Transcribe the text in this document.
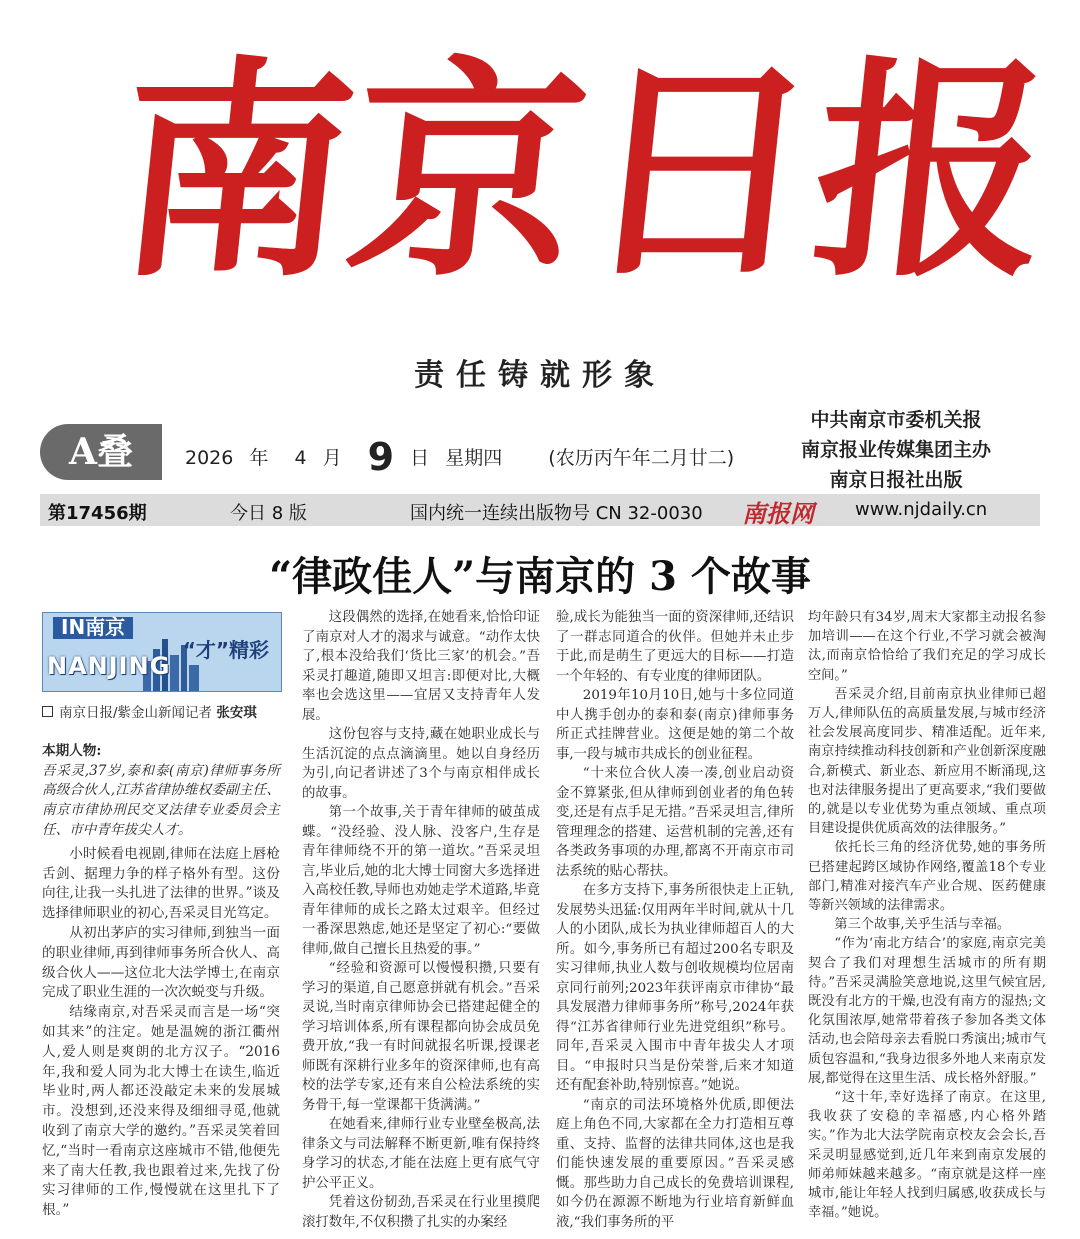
南
京
日
报
责任铸就形象
A叠	2026 年 4 月 9 日 星期四 (农历丙午年二月廿二)
中共南京市委机关报
南京报业传媒集团主办
南京日报社出版
第17456期	今日 8 版	国内统一连续出版物号 CN 32-0030 南报网 www.njdaily.cn
“律政佳人”与南京的 3 个故事
IN南京
NANJING
“才”精彩
南京日报/紫金山新闻记者 张安琪
本期人物:
吾采灵,37岁,泰和泰(南京)律师事务所高级合伙人,江苏省律协维权委副主任、南京市律协刑民交叉法律专业委员会主任、市中青年拔尖人才。

小时候看电视剧,律师在法庭上唇枪舌剑、据理力争的样子格外有型。这份向往,让我一头扎进了法律的世界。”谈及选择律师职业的初心,吾采灵目光笃定。

从初出茅庐的实习律师,到独当一面的职业律师,再到律师事务所合伙人、高级合伙人——这位北大法学博士,在南京完成了职业生涯的一次次蜕变与升级。

结缘南京,对吾采灵而言是一场“突如其来”的注定。她是温婉的浙江衢州人,爱人则是爽朗的北方汉子。“2016年,我和爱人同为北大博士在读生,临近毕业时,两人都还没敲定未来的发展城市。没想到,还没来得及细细寻觅,他就收到了南京大学的邀约。”吾采灵笑着回忆,“当时一看南京这座城市不错,他便先来了南大任教,我也跟着过来,先找了份实习律师的工作,慢慢就在这里扎下了根。”

这段偶然的选择,在她看来,恰恰印证了南京对人才的渴求与诚意。“动作太快了,根本没给我们‘货比三家’的机会。”吾采灵打趣道,随即又坦言:即便对比,大概率也会选这里——宜居又支持青年人发展。

这份包容与支持,藏在她职业成长与生活沉淀的点点滴滴里。她以自身经历为引,向记者讲述了3个与南京相伴成长的故事。

第一个故事,关于青年律师的破茧成蝶。“没经验、没人脉、没客户,生存是青年律师绕不开的第一道坎。”吾采灵坦言,毕业后,她的北大博士同窗大多选择进入高校任教,导师也劝她走学术道路,毕竟青年律师的成长之路太过艰辛。但经过一番深思熟虑,她还是坚定了初心:“要做律师,做自己擅长且热爱的事。”

“经验和资源可以慢慢积攒,只要有学习的渠道,自己愿意拼就有机会。”吾采灵说,当时南京律师协会已搭建起健全的学习培训体系,所有课程都向协会成员免费开放,“我一有时间就报名听课,授课老师既有深耕行业多年的资深律师,也有高校的法学专家,还有来自公检法系统的实务骨干,每一堂课都干货满满。”

在她看来,律师行业专业壁垒极高,法律条文与司法解释不断更新,唯有保持终身学习的状态,才能在法庭上更有底气守护公平正义。

凭着这份韧劲,吾采灵在行业里摸爬滚打数年,不仅积攒了扎实的办案经

验,成长为能独当一面的资深律师,还结识了一群志同道合的伙伴。但她并未止步于此,而是萌生了更远大的目标——打造一个年轻的、有专业度的律师团队。

2019年10月10日,她与十多位同道中人携手创办的泰和泰(南京)律师事务所正式挂牌营业。这便是她的第二个故事,一段与城市共成长的创业征程。

“十来位合伙人凑一凑,创业启动资金不算紧张,但从律师到创业者的角色转变,还是有点手足无措。”吾采灵坦言,律所管理理念的搭建、运营机制的完善,还有各类政务事项的办理,都离不开南京市司法系统的贴心帮扶。

在多方支持下,事务所很快走上正轨,发展势头迅猛:仅用两年半时间,就从十几人的小团队,成长为执业律师超百人的大所。如今,事务所已有超过200名专职及实习律师,执业人数与创收规模均位居南京同行前列;2023年获评南京市律协“最具发展潜力律师事务所”称号,2024年获得“江苏省律师行业先进党组织”称号。同年,吾采灵入围市中青年拔尖人才项目。“申报时只当是份荣誉,后来才知道还有配套补助,特别惊喜。”她说。

“南京的司法环境格外优质,即便法庭上角色不同,大家都在全力打造相互尊重、支持、监督的法律共同体,这也是我们能快速发展的重要原因。”吾采灵感慨。那些助力自己成长的免费培训课程,如今仍在源源不断地为行业培育新鲜血液,“我们事务所的平

均年龄只有34岁,周末大家都主动报名参加培训——在这个行业,不学习就会被淘汰,而南京恰恰给了我们充足的学习成长空间。”

吾采灵介绍,目前南京执业律师已超万人,律师队伍的高质量发展,与城市经济社会发展高度同步、精准适配。近年来,南京持续推动科技创新和产业创新深度融合,新模式、新业态、新应用不断涌现,这也对法律服务提出了更高要求,“我们要做的,就是以专业优势为重点领域、重点项目建设提供优质高效的法律服务。”

依托长三角的经济优势,她的事务所已搭建起跨区域协作网络,覆盖18个专业部门,精准对接汽车产业合规、医药健康等新兴领域的法律需求。

第三个故事,关乎生活与幸福。

“作为‘南北方结合’的家庭,南京完美契合了我们对理想生活城市的所有期待。”吾采灵满脸笑意地说,这里气候宜居,既没有北方的干燥,也没有南方的湿热;文化氛围浓厚,她常带着孩子参加各类文体活动,也会陪母亲去看脱口秀演出;城市气质包容温和,“我身边很多外地人来南京发展,都觉得在这里生活、成长格外舒服。”

“这十年,幸好选择了南京。在这里,我收获了安稳的幸福感,内心格外踏实。”作为北大法学院南京校友会会长,吾采灵明显感觉到,近几年来到南京发展的师弟师妹越来越多。“南京就是这样一座城市,能让年轻人找到归属感,收获成长与幸福。”她说。
